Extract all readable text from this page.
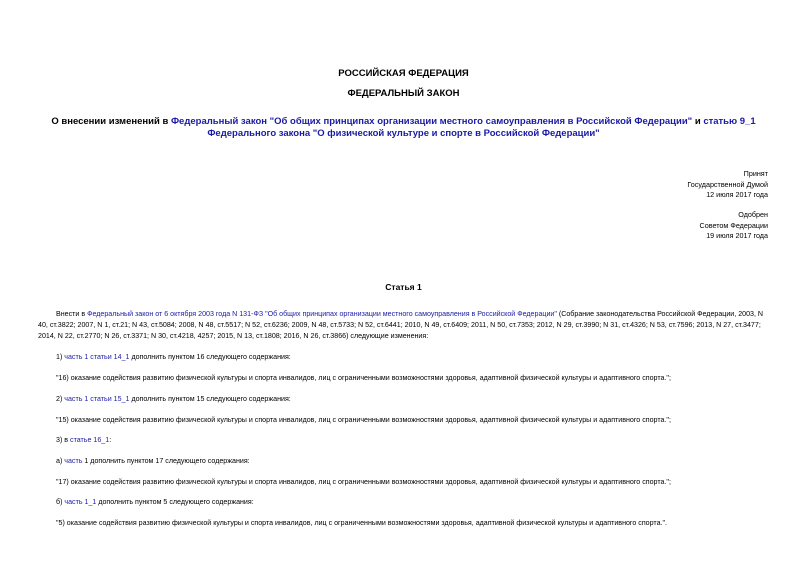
РОССИЙСКАЯ ФЕДЕРАЦИЯ
ФЕДЕРАЛЬНЫЙ ЗАКОН
О внесении изменений в Федеральный закон "Об общих принципах организации местного самоуправления в Российской Федерации" и статью 9_1 Федерального закона "О физической культуре и спорте в Российской Федерации"
Принят
Государственной Думой
12 июля 2017 года
Одобрен
Советом Федерации
19 июля 2017 года
Статья 1
Внести в Федеральный закон от 6 октября 2003 года N 131-ФЗ "Об общих принципах организации местного самоуправления в Российской Федерации" (Собрание законодательства Российской Федерации, 2003, N 40, ст.3822; 2007, N 1, ст.21; N 43, ст.5084; 2008, N 48, ст.5517; N 52, ст.6236; 2009, N 48, ст.5733; N 52, ст.6441; 2010, N 49, ст.6409; 2011, N 50, ст.7353; 2012, N 29, ст.3990; N 31, ст.4326; N 53, ст.7596; 2013, N 27, ст.3477; 2014, N 22, ст.2770; N 26, ст.3371; N 30, ст.4218, 4257; 2015, N 13, ст.1808; 2016, N 26, ст.3866) следующие изменения:
1) часть 1 статьи 14_1 дополнить пунктом 16 следующего содержания:
"16) оказание содействия развитию физической культуры и спорта инвалидов, лиц с ограниченными возможностями здоровья, адаптивной физической культуры и адаптивного спорта.";
2) часть 1 статьи 15_1 дополнить пунктом 15 следующего содержания:
"15) оказание содействия развитию физической культуры и спорта инвалидов, лиц с ограниченными возможностями здоровья, адаптивной физической культуры и адаптивного спорта.";
3) в статье 16_1:
а) часть 1 дополнить пунктом 17 следующего содержания:
"17) оказание содействия развитию физической культуры и спорта инвалидов, лиц с ограниченными возможностями здоровья, адаптивной физической культуры и адаптивного спорта.";
б) часть 1_1 дополнить пунктом 5 следующего содержания:
"5) оказание содействия развитию физической культуры и спорта инвалидов, лиц с ограниченными возможностями здоровья, адаптивной физической культуры и адаптивного спорта.".
